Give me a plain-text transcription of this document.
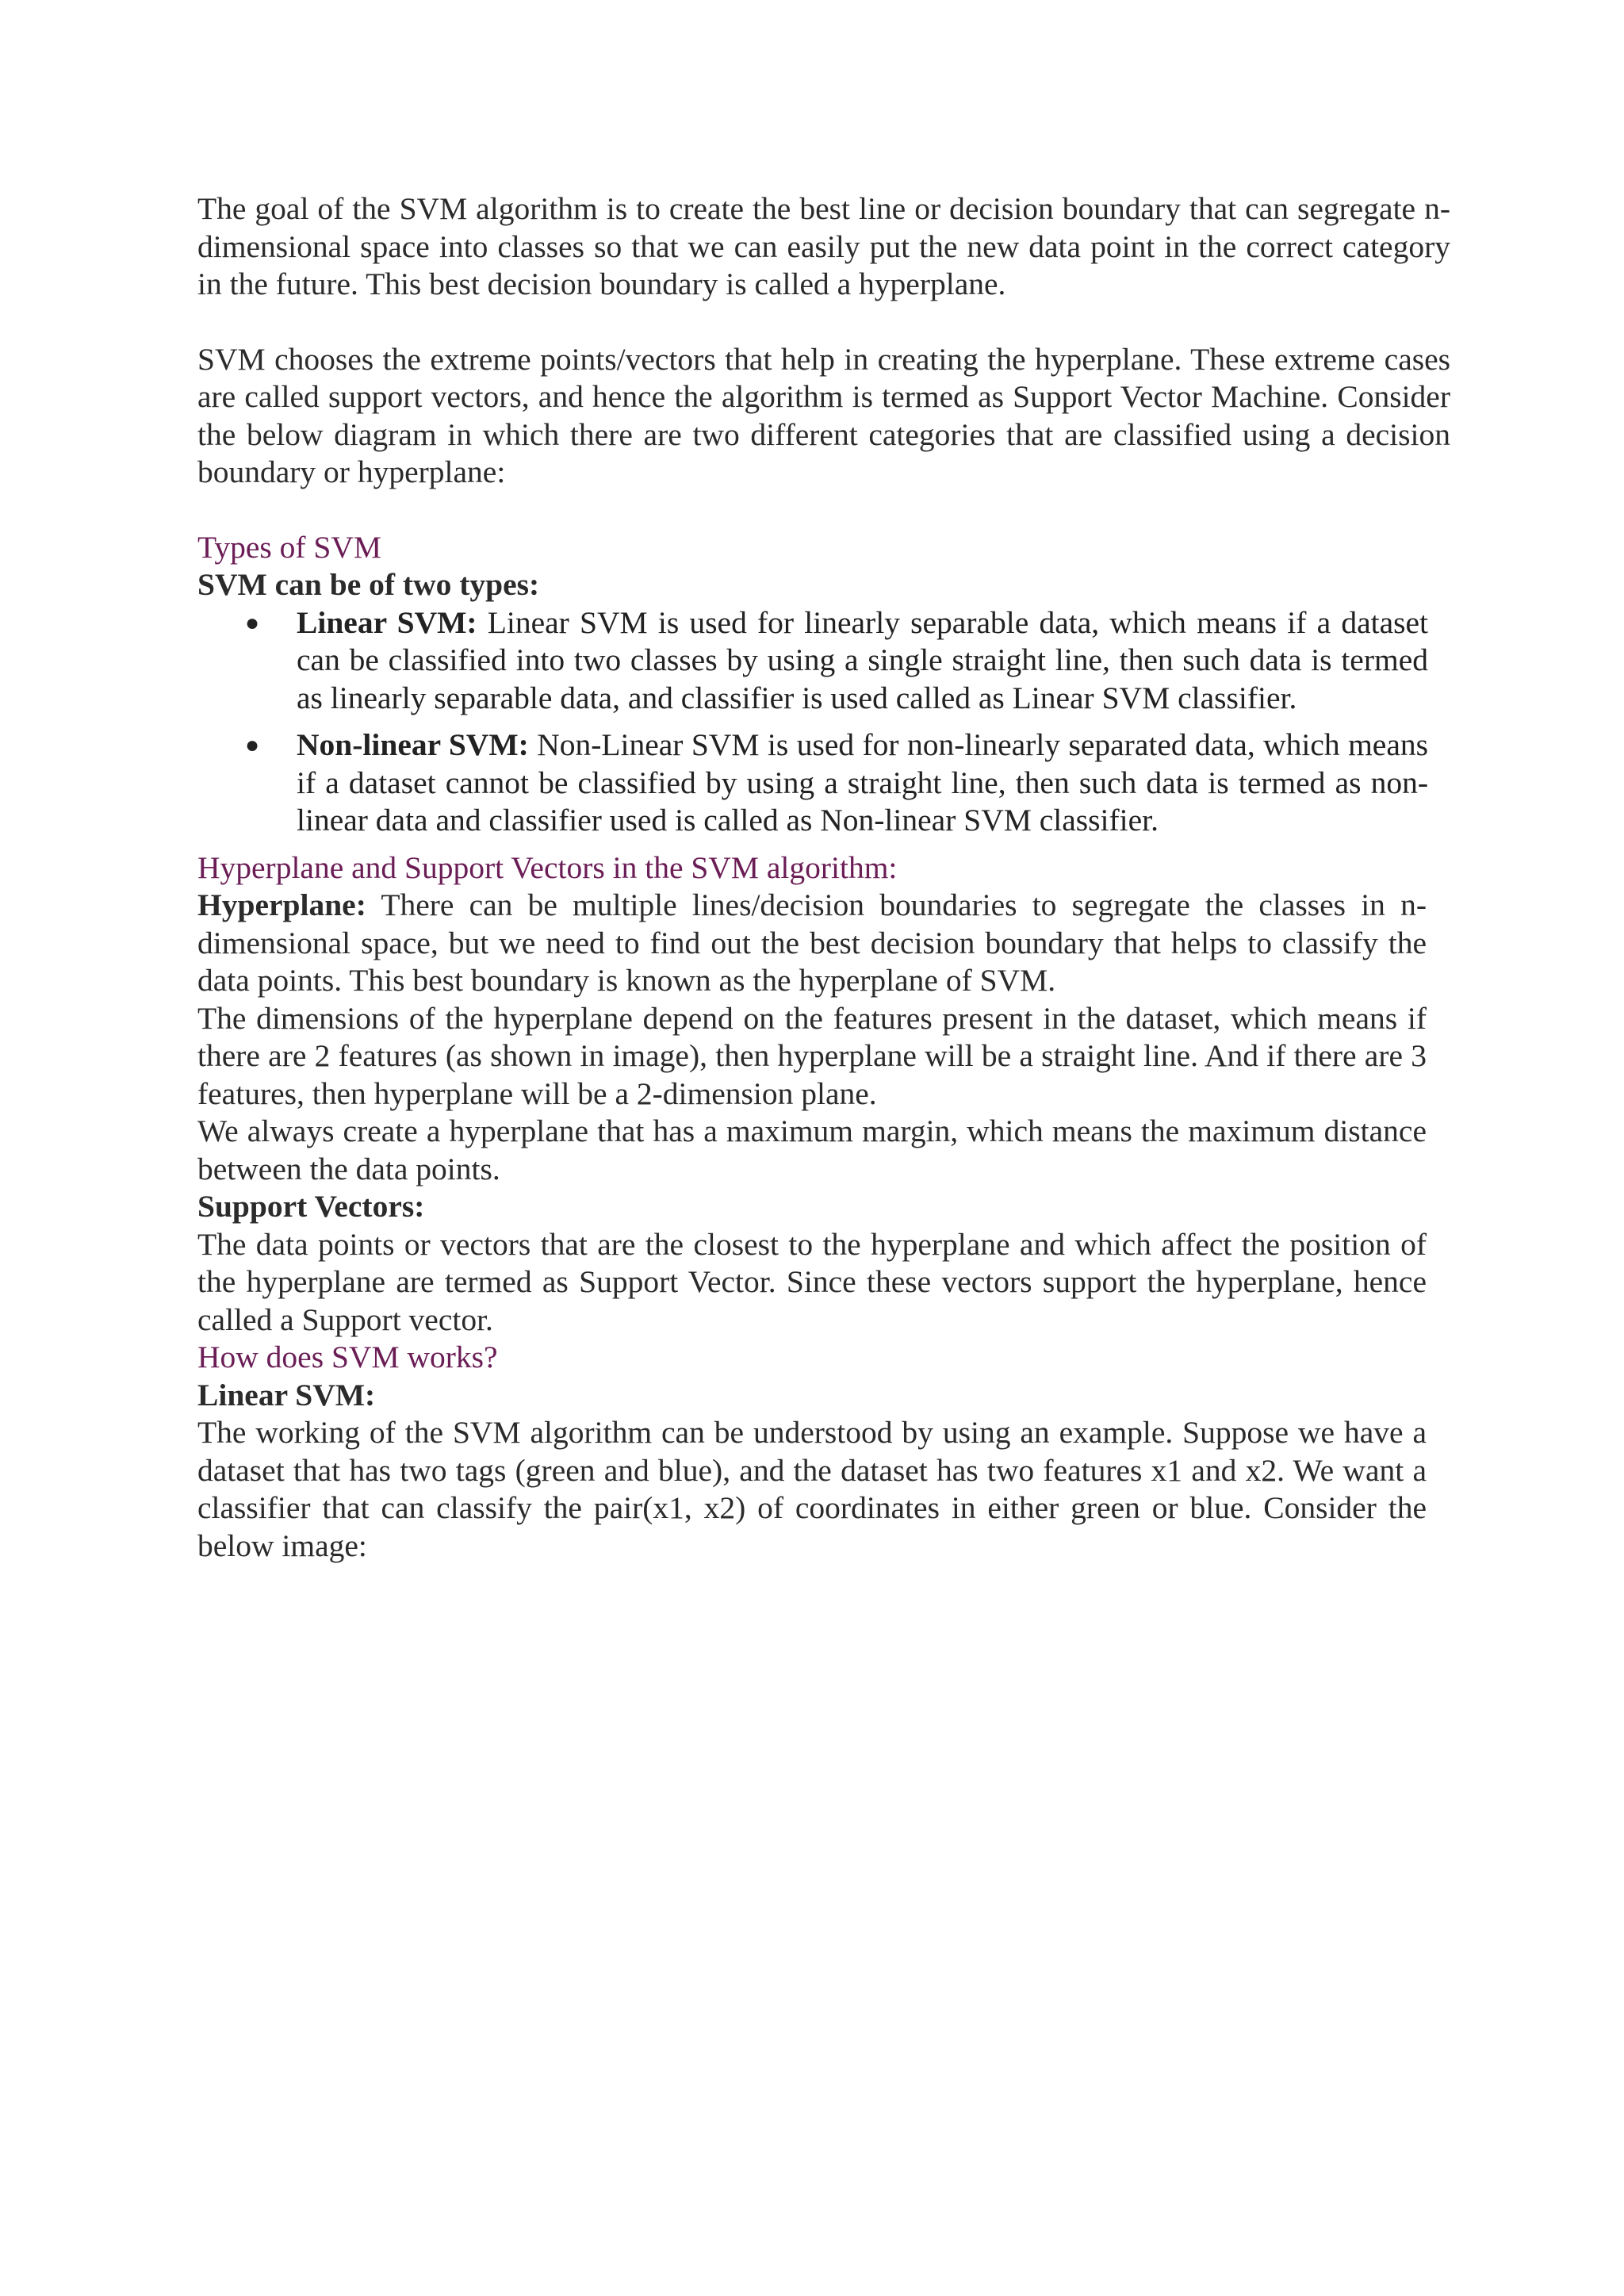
The goal of the SVM algorithm is to create the best line or decision boundary that can segregate n-dimensional space into classes so that we can easily put the new data point in the correct category in the future. This best decision boundary is called a hyperplane.

SVM chooses the extreme points/vectors that help in creating the hyperplane. These extreme cases are called support vectors, and hence the algorithm is termed as Support Vector Machine. Consider the below diagram in which there are two different categories that are classified using a decision boundary or hyperplane:

Types of SVM

SVM can be of two types:

● Linear SVM: Linear SVM is used for linearly separable data, which means if a dataset can be classified into two classes by using a single straight line, then such data is termed as linearly separable data, and classifier is used called as Linear SVM classifier.
● Non-linear SVM: Non-Linear SVM is used for non-linearly separated data, which means if a dataset cannot be classified by using a straight line, then such data is termed as non-linear data and classifier used is called as Non-linear SVM classifier.

Hyperplane and Support Vectors in the SVM algorithm:

Hyperplane: There can be multiple lines/decision boundaries to segregate the classes in n-dimensional space, but we need to find out the best decision boundary that helps to classify the data points. This best boundary is known as the hyperplane of SVM.

The dimensions of the hyperplane depend on the features present in the dataset, which means if there are 2 features (as shown in image), then hyperplane will be a straight line. And if there are 3 features, then hyperplane will be a 2-dimension plane.

We always create a hyperplane that has a maximum margin, which means the maximum distance between the data points.

Support Vectors:

The data points or vectors that are the closest to the hyperplane and which affect the position of the hyperplane are termed as Support Vector. Since these vectors support the hyperplane, hence called a Support vector.

How does SVM works?

Linear SVM:

The working of the SVM algorithm can be understood by using an example. Suppose we have a dataset that has two tags (green and blue), and the dataset has two features x1 and x2. We want a classifier that can classify the pair(x1, x2) of coordinates in either green or blue. Consider the below image:
